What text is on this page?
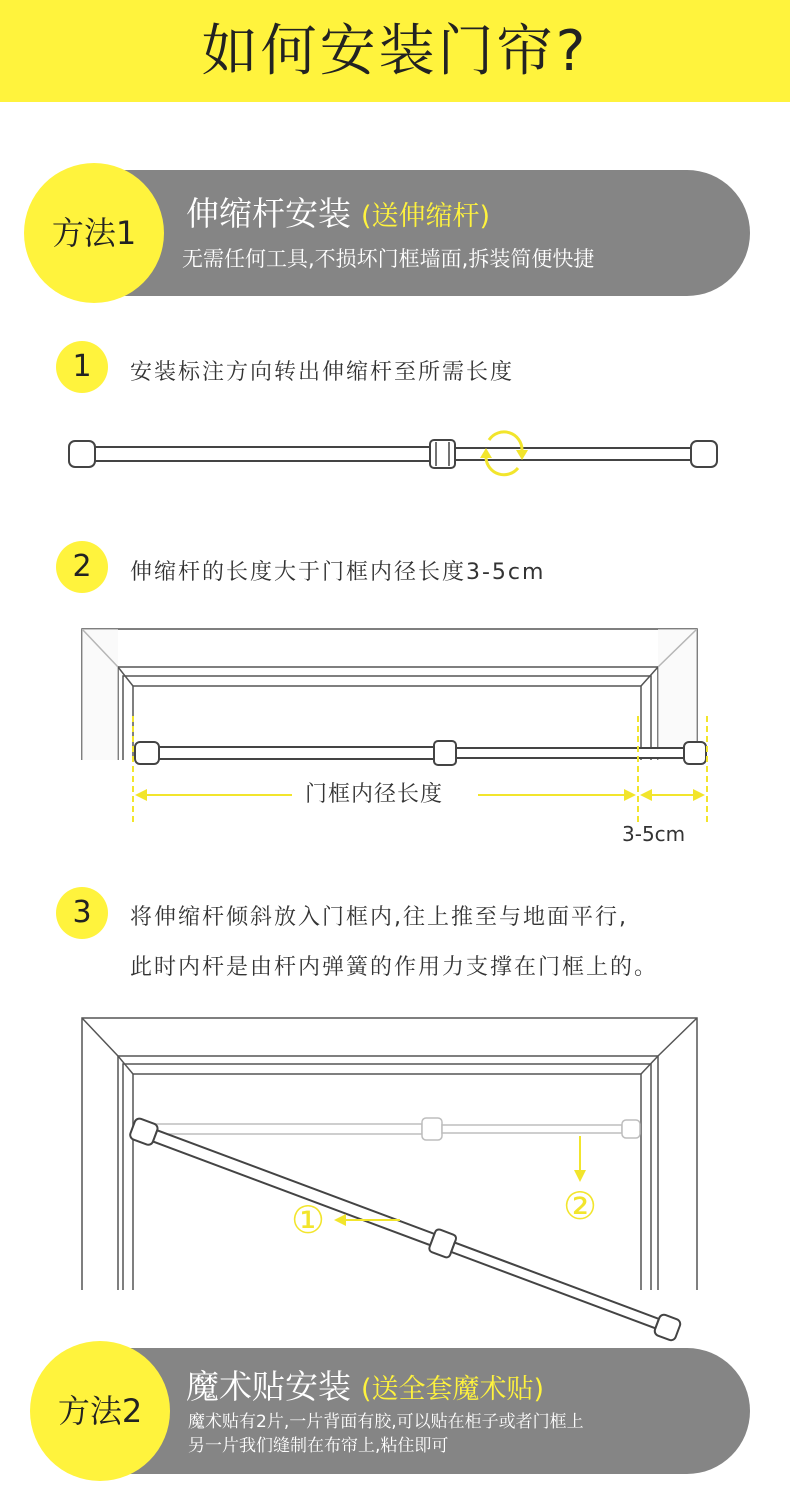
如何安装门帘?
方法1	伸缩杆安装 (送伸缩杆)
无需任何工具,不损坏门框墙面,拆装简便快捷
1	安装标注方向转出伸缩杆至所需长度
2	伸缩杆的长度大于门框内径长度3-5cm
门框内径长度
3-5cm
3	将伸缩杆倾斜放入门框内,往上推至与地面平行,
此时内杆是由杆内弹簧的作用力支撑在门框上的。
①	②
方法2
魔术贴安装 (送全套魔术贴)
魔术贴有2片,一片背面有胶,可以贴在柜子或者门框上
另一片我们缝制在布帘上,粘住即可
